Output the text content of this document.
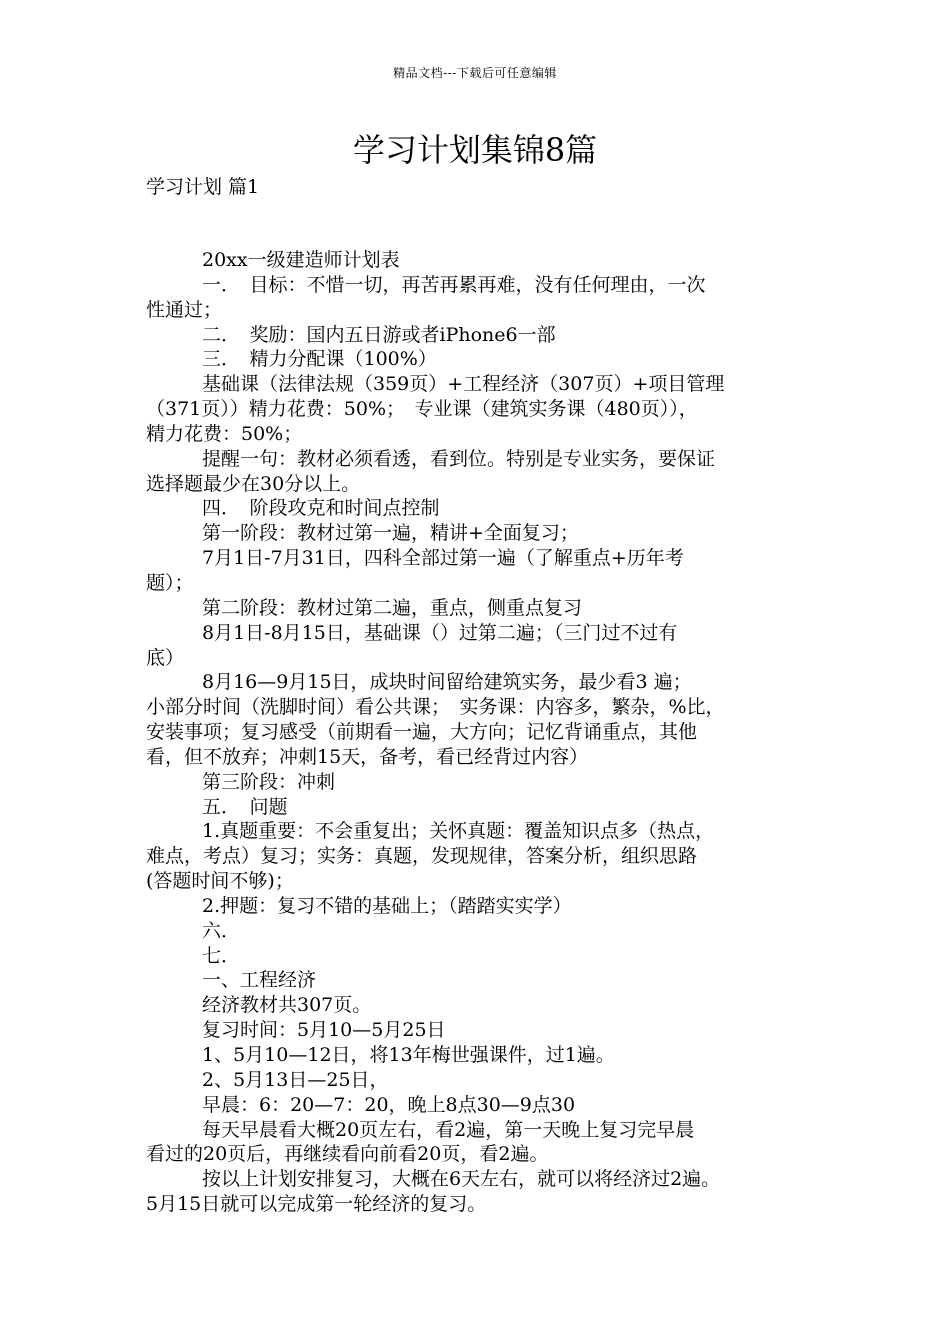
精品文档---下载后可任意编辑
学习计划集锦8篇
学习计划 篇1

20xx一级建造师计划表

一．　目标：不惜一切，再苦再累再难，没有任何理由，一次

性通过；

二．　奖励：国内五日游或者iPhone6一部

三．　精力分配课（100%）

基础课（法律法规（359页）+工程经济（307页）+项目管理

（371页））精力花费：50%；　专业课（建筑实务课（480页）），

精力花费：50%；

提醒一句：教材必须看透，看到位。特别是专业实务，要保证

选择题最少在30分以上。

四．　阶段攻克和时间点控制

第一阶段：教材过第一遍，精讲+全面复习；

7月1日-7月31日，四科全部过第一遍（了解重点+历年考

题）；

第二阶段：教材过第二遍，重点，侧重点复习

8月1日-8月15日，基础课（）过第二遍；（三门过不过有

底）

8月16—9月15日，成块时间留给建筑实务，最少看3 遍；

小部分时间（洗脚时间）看公共课；　实务课：内容多，繁杂，%比，

安装事项；复习感受（前期看一遍，大方向；记忆背诵重点，其他

看，但不放弃；冲刺15天，备考，看已经背过内容）

第三阶段：冲刺

五．　问题

1.真题重要：不会重复出；关怀真题：覆盖知识点多（热点，

难点，考点）复习；实务：真题，发现规律，答案分析，组织思路

(答题时间不够)；

2.押题：复习不错的基础上；（踏踏实实学）

六．

七．

一、工程经济

经济教材共307页。

复习时间：5月10—5月25日

1、5月10—12日，将13年梅世强课件，过1遍。

2、5月13日—25日，

早晨：6：20—7：20，晚上8点30—9点30

每天早晨看大概20页左右，看2遍，第一天晚上复习完早晨

看过的20页后，再继续看向前看20页，看2遍。

按以上计划安排复习，大概在6天左右，就可以将经济过2遍。

5月15日就可以完成第一轮经济的复习。
